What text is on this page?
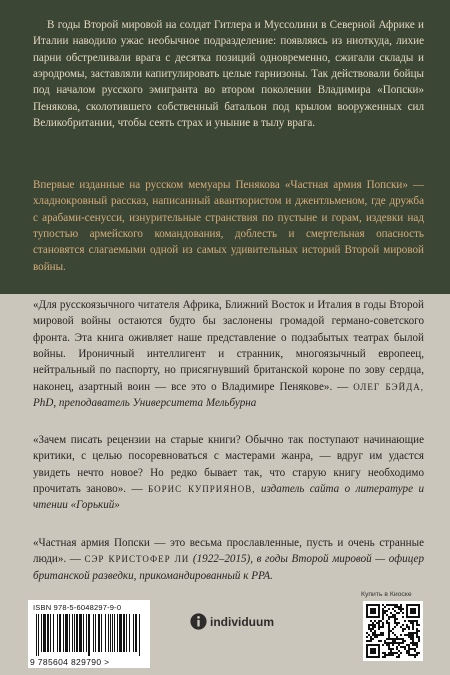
В годы Второй мировой на солдат Гитлера и Муссолини в Северной Африке и Италии наводило ужас необычное подразделение: появляясь из ниоткуда, лихие парни обстреливали врага с десятка позиций одновременно, сжигали склады и аэродромы, заставляли капитулировать целые гарнизоны. Так действовали бойцы под началом русского эмигранта во втором поколении Владимира «Попски» Пенякова, сколотившего собственный батальон под крылом вооруженных сил Великобритании, чтобы сеять страх и уныние в тылу врага.

Впервые изданные на русском мемуары Пенякова «Частная армия Попски» — хладнокровный рассказ, написанный авантюристом и джентльменом, где дружба с арабами-сенусси, изнурительные странствия по пустыне и горам, издевки над тупостью армейского командования, доблесть и смертельная опасность становятся слагаемыми одной из самых удивительных историй Второй мировой войны.

«Для русскоязычного читателя Африка, Ближний Восток и Италия в годы Второй мировой войны остаются будто бы заслонены громадой германо-советского фронта. Эта книга оживляет наше представление о подзабытых театрах былой войны. Ироничный интеллигент и странник, многоязычный европеец, нейтральный по паспорту, но присягнувший британской короне по зову сердца, наконец, азартный воин — все это о Владимире Пенякове». — ОЛЕГ БЭЙДА, PhD, преподаватель Университета Мельбурна

«Зачем писать рецензии на старые книги? Обычно так поступают начинающие критики, с целью посоревноваться с мастерами жанра, — вдруг им удастся увидеть нечто новое? Но редко бывает так, что старую книгу необходимо прочитать заново». — БОРИС КУПРИЯНОВ, издатель сайта о литературе и чтении «Горький»

«Частная армия Попски — это весьма прославленные, пусть и очень странные люди». — СЭР КРИСТОФЕР ЛИ (1922–2015), в годы Второй мировой — офицер британской разведки, прикомандированный к PPA.

ISBN 978-5-6048297-9-0

9 785604 829790 >

individuum

Купить в Киоске
